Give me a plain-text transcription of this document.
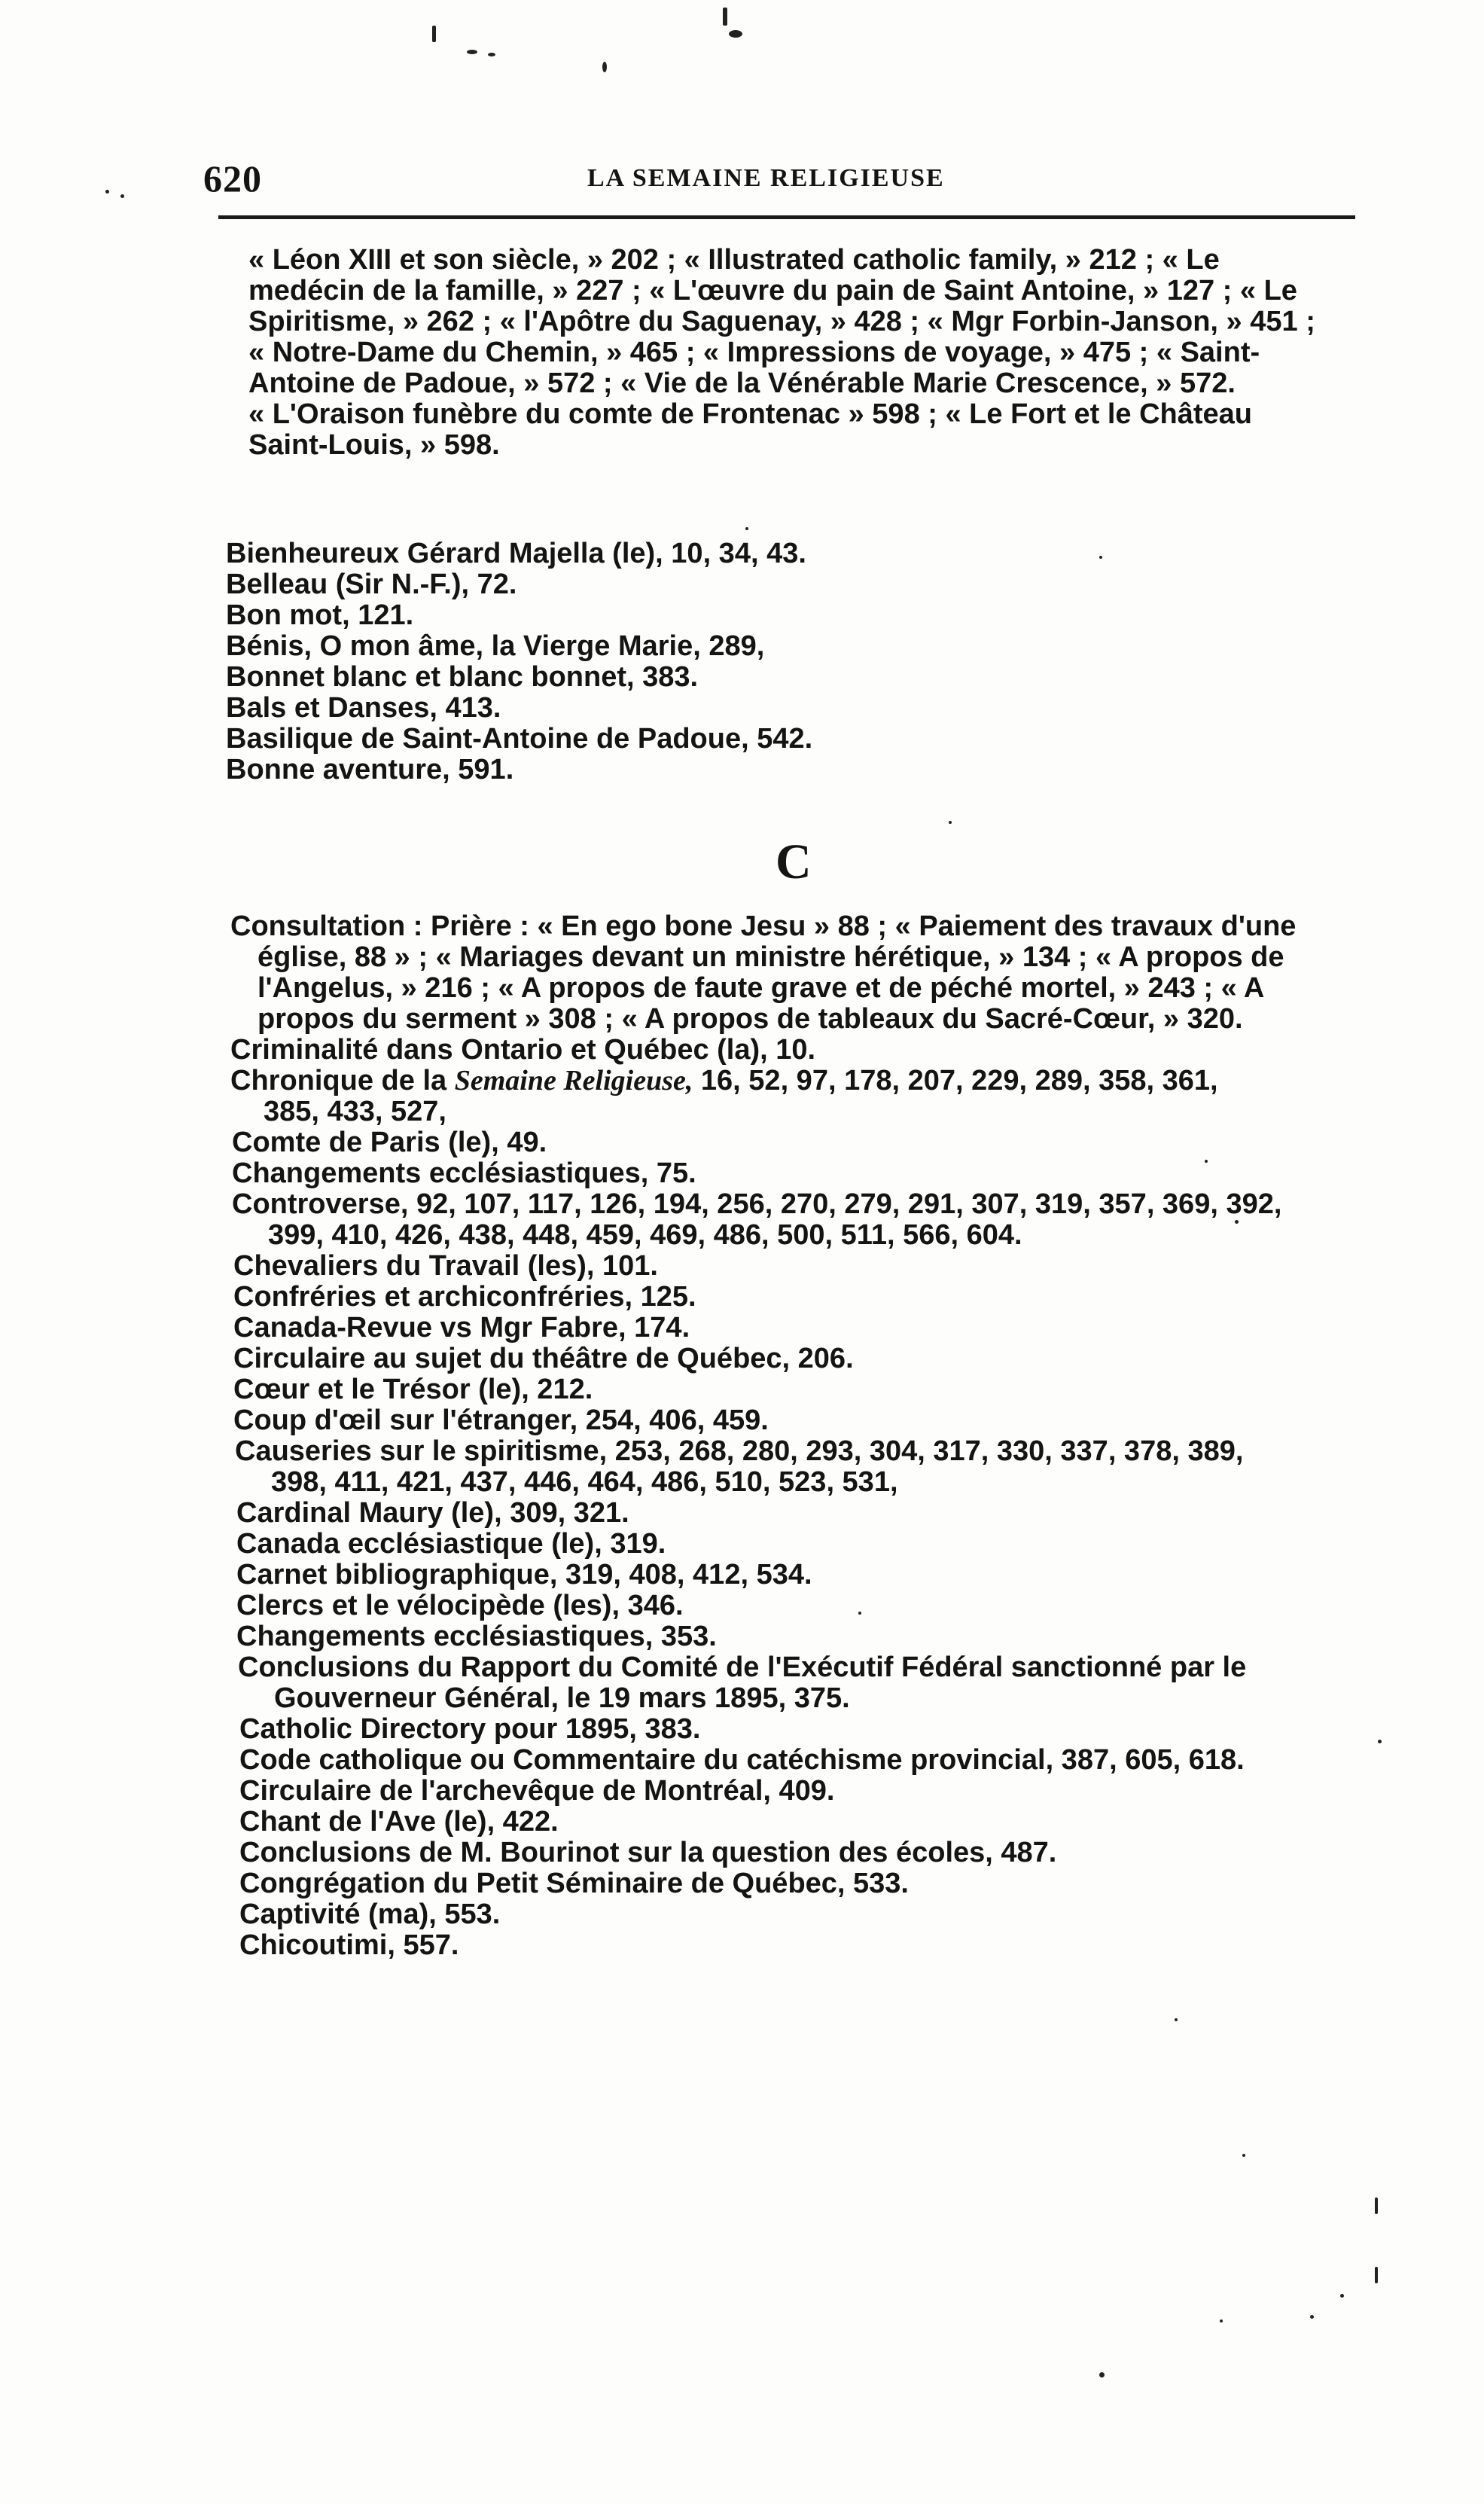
620	LA SEMAINE RELIGIEUSE
« Léon XIII et son siècle, » 202 ; « Illustrated catholic family, » 212 ; « Le
medécin de la famille, » 227 ; « L'œuvre du pain de Saint Antoine, » 127 ; « Le
Spiritisme, » 262 ; « l'Apôtre du Saguenay, » 428 ; « Mgr Forbin-Janson, » 451 ;
« Notre-Dame du Chemin, » 465 ; « Impressions de voyage, » 475 ; « Saint-
Antoine de Padoue, » 572 ; « Vie de la Vénérable Marie Crescence, » 572.
« L'Oraison funèbre du comte de Frontenac » 598 ; « Le Fort et le Château
Saint-Louis, » 598.
Bienheureux Gérard Majella (le), 10, 34, 43.
Belleau (Sir N.-F.), 72.
Bon mot, 121.
Bénis, O mon âme, la Vierge Marie, 289,
Bonnet blanc et blanc bonnet, 383.
Bals et Danses, 413.
Basilique de Saint-Antoine de Padoue, 542.
Bonne aventure, 591.
C
Consultation : Prière : « En ego bone Jesu » 88 ; « Paiement des travaux d'une
église, 88 » ; « Mariages devant un ministre hérétique, » 134 ; « A propos de
l'Angelus, » 216 ; « A propos de faute grave et de péché mortel, » 243 ; « A
propos du serment » 308 ; « A propos de tableaux du Sacré-Cœur, » 320.
Criminalité dans Ontario et Québec (la), 10.
Chronique de la Semaine Religieuse, 16, 52, 97, 178, 207, 229, 289, 358, 361,
385, 433, 527,
Comte de Paris (le), 49.
Changements ecclésiastiques, 75.
Controverse, 92, 107, 117, 126, 194, 256, 270, 279, 291, 307, 319, 357, 369, 392,
399, 410, 426, 438, 448, 459, 469, 486, 500, 511, 566, 604.
Chevaliers du Travail (les), 101.
Confréries et archiconfréries, 125.
Canada-Revue vs Mgr Fabre, 174.
Circulaire au sujet du théâtre de Québec, 206.
Cœur et le Trésor (le), 212.
Coup d'œil sur l'étranger, 254, 406, 459.
Causeries sur le spiritisme, 253, 268, 280, 293, 304, 317, 330, 337, 378, 389,
398, 411, 421, 437, 446, 464, 486, 510, 523, 531,
Cardinal Maury (le), 309, 321.
Canada ecclésiastique (le), 319.
Carnet bibliographique, 319, 408, 412, 534.
Clercs et le vélocipède (les), 346.
Changements ecclésiastiques, 353.
Conclusions du Rapport du Comité de l'Exécutif Fédéral sanctionné par le
Gouverneur Général, le 19 mars 1895, 375.
Catholic Directory pour 1895, 383.
Code catholique ou Commentaire du catéchisme provincial, 387, 605, 618.
Circulaire de l'archevêque de Montréal, 409.
Chant de l'Ave (le), 422.
Conclusions de M. Bourinot sur la question des écoles, 487.
Congrégation du Petit Séminaire de Québec, 533.
Captivité (ma), 553.
Chicoutimi, 557.
